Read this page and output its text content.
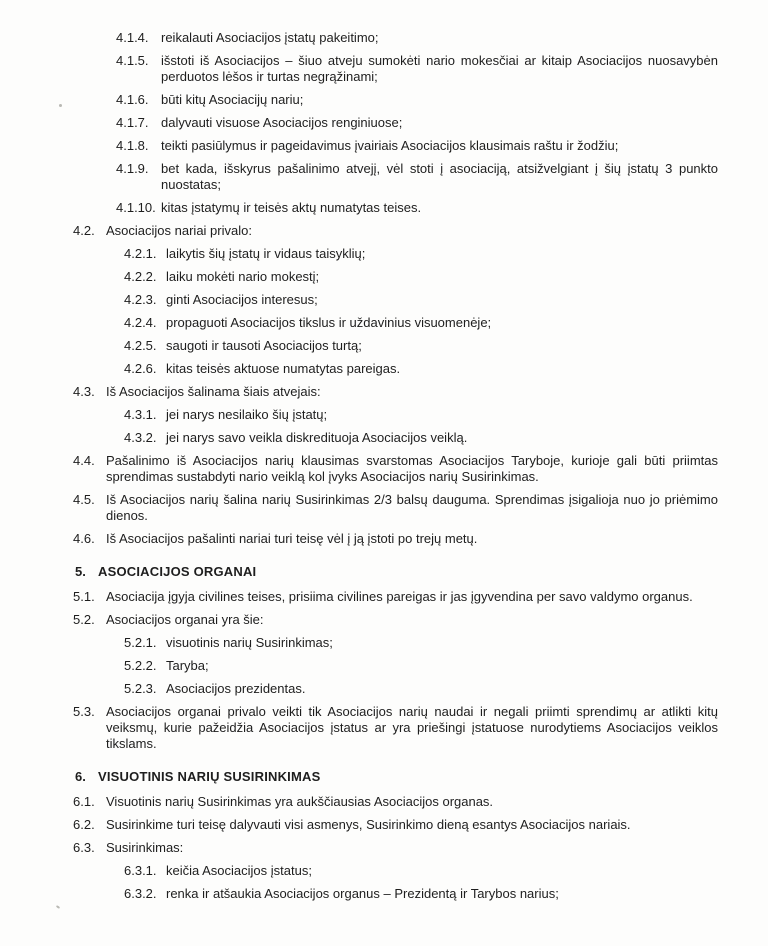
4.1.4. reikalauti Asociacijos įstatų pakeitimo;
4.1.5. išstoti iš Asociacijos – šiuo atveju sumokėti nario mokesčiai ar kitaip Asociacijos nuosavybėn perduotos lėšos ir turtas negrąžinami;
4.1.6. būti kitų Asociacijų nariu;
4.1.7. dalyvauti visuose Asociacijos renginiuose;
4.1.8. teikti pasiūlymus ir pageidavimus įvairiais Asociacijos klausimais raštu ir žodžiu;
4.1.9. bet kada, išskyrus pašalinimo atvejį, vėl stoti į asociaciją, atsižvelgiant į šių įstatų 3 punkto nuostatas;
4.1.10. kitas įstatymų ir teisės aktų numatytas teises.
4.2. Asociacijos nariai privalo:
4.2.1. laikytis šių įstatų ir vidaus taisyklių;
4.2.2. laiku mokėti nario mokestį;
4.2.3. ginti Asociacijos interesus;
4.2.4. propaguoti Asociacijos tikslus ir uždavinius visuomenėje;
4.2.5. saugoti ir tausoti Asociacijos turtą;
4.2.6. kitas teisės aktuose numatytas pareigas.
4.3. Iš Asociacijos šalinama šiais atvejais:
4.3.1. jei narys nesilaiko šių įstatų;
4.3.2. jei narys savo veikla diskredituoja Asociacijos veiklą.
4.4. Pašalinimo iš Asociacijos narių klausimas svarstomas Asociacijos Taryboje, kurioje gali būti priimtas sprendimas sustabdyti nario veiklą kol įvyks Asociacijos narių Susirinkimas.
4.5. Iš Asociacijos narių šalina narių Susirinkimas 2/3 balsų dauguma. Sprendimas įsigalioja nuo jo priėmimo dienos.
4.6. Iš Asociacijos pašalinti nariai turi teisę vėl į ją įstoti po trejų metų.
5. ASOCIACIJOS ORGANAI
5.1. Asociacija įgyja civilines teises, prisiima civilines pareigas ir jas įgyvendina per savo valdymo organus.
5.2. Asociacijos organai yra šie:
5.2.1. visuotinis narių Susirinkimas;
5.2.2. Taryba;
5.2.3. Asociacijos prezidentas.
5.3. Asociacijos organai privalo veikti tik Asociacijos narių naudai ir negali priimti sprendimų ar atlikti kitų veiksmų, kurie pažeidžia Asociacijos įstatus ar yra priešingi įstatuose nurodytiems Asociacijos veiklos tikslams.
6. VISUOTINIS NARIŲ SUSIRINKIMAS
6.1. Visuotinis narių Susirinkimas yra aukščiausias Asociacijos organas.
6.2. Susirinkime turi teisę dalyvauti visi asmenys, Susirinkimo dieną esantys Asociacijos nariais.
6.3. Susirinkimas:
6.3.1. keičia Asociacijos įstatus;
6.3.2. renka ir atšaukia Asociacijos organus – Prezidentą ir Tarybos narius;
